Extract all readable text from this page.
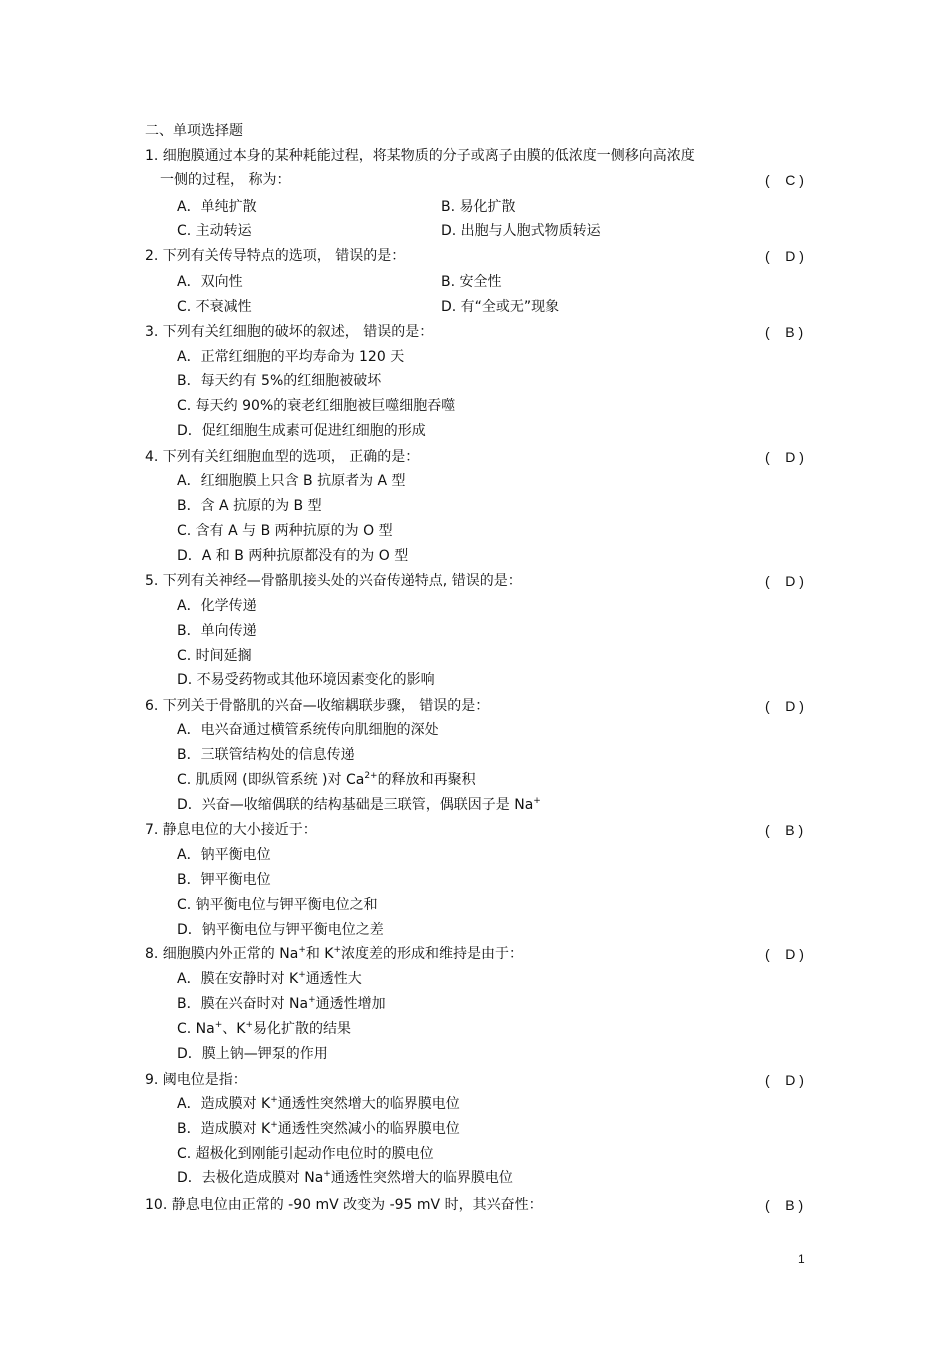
二、单项选择题
1. 细胞膜通过本身的某种耗能过程，将某物质的分子或离子由膜的低浓度一侧移向高浓度
一侧的过程， 称为：	(    C )
A．单纯扩散	B. 易化扩散
C. 主动转运	D. 出胞与人胞式物质转运
2. 下列有关传导特点的选项， 错误的是：	(    D )
A．双向性	B. 安全性
C. 不衰减性	D. 有“全或无”现象
3. 下列有关红细胞的破坏的叙述， 错误的是：	(    B )
A．正常红细胞的平均寿命为 120 天
B．每天约有 5%的红细胞被破坏
C. 每天约 90%的衰老红细胞被巨噬细胞吞噬
D．促红细胞生成素可促进红细胞的形成
4. 下列有关红细胞血型的选项， 正确的是：	(    D )
A．红细胞膜上只含 B 抗原者为 A 型
B．含 A 抗原的为 B 型
C. 含有 A 与 B 两种抗原的为 O 型
D．A 和 B 两种抗原都没有的为 O 型
5. 下列有关神经—骨骼肌接头处的兴奋传递特点, 错误的是：	(    D )
A．化学传递
B．单向传递
C. 时间延搁
D. 不易受药物或其他环境因素变化的影响
6. 下列关于骨骼肌的兴奋—收缩耦联步骤， 错误的是：	(    D )
A．电兴奋通过横管系统传向肌细胞的深处
B．三联管结构处的信息传递
C. 肌质网 (即纵管系统 )对 $Ca^{2+}$的释放和再聚积
D．兴奋—收缩偶联的结构基础是三联管，偶联因子是 Na+
7. 静息电位的大小接近于：	(    B )
A．钠平衡电位
B．钾平衡电位
C. 钠平衡电位与钾平衡电位之和
D．钠平衡电位与钾平衡电位之差
8. 细胞膜内外正常的 Na+和 K+浓度差的形成和维持是由于：	(    D )
A．膜在安静时对 K+通透性大
B．膜在兴奋时对 Na+通透性增加
C. Na+、K+易化扩散的结果
D．膜上钠—钾泵的作用
9. 阈电位是指：	(    D )
A．造成膜对 K+通透性突然增大的临界膜电位
B．造成膜对 K+通透性突然减小的临界膜电位
C. 超极化到刚能引起动作电位时的膜电位
D．去极化造成膜对 Na+通透性突然增大的临界膜电位
10. 静息电位由正常的 -90 mV 改变为 -95 mV 时，其兴奋性：	(    B )
1
